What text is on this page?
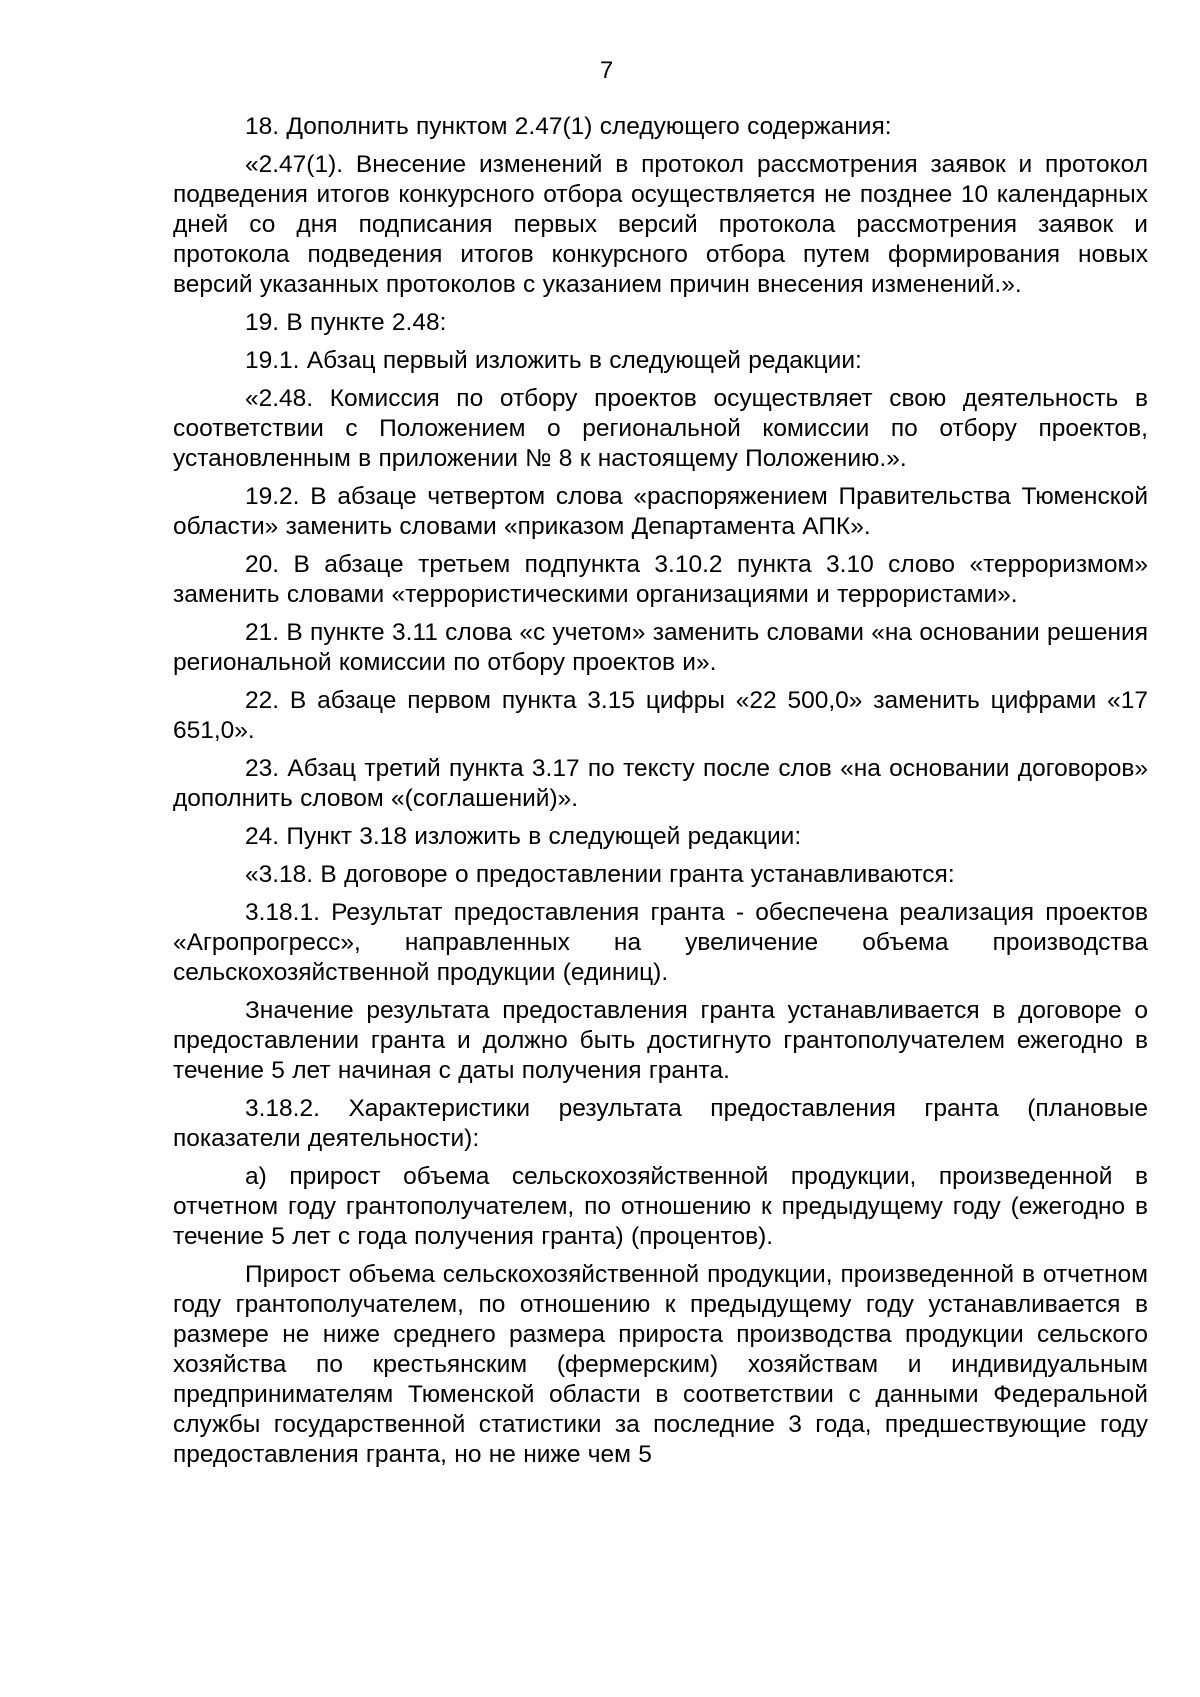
7

18. Дополнить пунктом 2.47(1) следующего содержания:

«2.47(1). Внесение изменений в протокол рассмотрения заявок и протокол подведения итогов конкурсного отбора осуществляется не позднее 10 календарных дней со дня подписания первых версий протокола рассмотрения заявок и протокола подведения итогов конкурсного отбора путем формирования новых версий указанных протоколов с указанием причин внесения изменений.».

19. В пункте 2.48:

19.1. Абзац первый изложить в следующей редакции:

«2.48. Комиссия по отбору проектов осуществляет свою деятельность в соответствии с Положением о региональной комиссии по отбору проектов, установленным в приложении № 8 к настоящему Положению.».

19.2. В абзаце четвертом слова «распоряжением Правительства Тюменской области» заменить словами «приказом Департамента АПК».

20. В абзаце третьем подпункта 3.10.2 пункта 3.10 слово «терроризмом» заменить словами «террористическими организациями и террористами».

21. В пункте 3.11 слова «с учетом» заменить словами «на основании решения региональной комиссии по отбору проектов и».

22. В абзаце первом пункта 3.15 цифры «22 500,0» заменить цифрами «17 651,0».

23. Абзац третий пункта 3.17 по тексту после слов «на основании договоров» дополнить словом «(соглашений)».

24. Пункт 3.18 изложить в следующей редакции:

«3.18. В договоре о предоставлении гранта устанавливаются:

3.18.1. Результат предоставления гранта - обеспечена реализация проектов «Агропрогресс», направленных на увеличение объема производства сельскохозяйственной продукции (единиц).

Значение результата предоставления гранта устанавливается в договоре о предоставлении гранта и должно быть достигнуто грантополучателем ежегодно в течение 5 лет начиная с даты получения гранта.

3.18.2. Характеристики результата предоставления гранта (плановые показатели деятельности):

а) прирост объема сельскохозяйственной продукции, произведенной в отчетном году грантополучателем, по отношению к предыдущему году (ежегодно в течение 5 лет с года получения гранта) (процентов).

Прирост объема сельскохозяйственной продукции, произведенной в отчетном году грантополучателем, по отношению к предыдущему году устанавливается в размере не ниже среднего размера прироста производства продукции сельского хозяйства по крестьянским (фермерским) хозяйствам и индивидуальным предпринимателям Тюменской области в соответствии с данными Федеральной службы государственной статистики за последние 3 года, предшествующие году предоставления гранта, но не ниже чем 5
